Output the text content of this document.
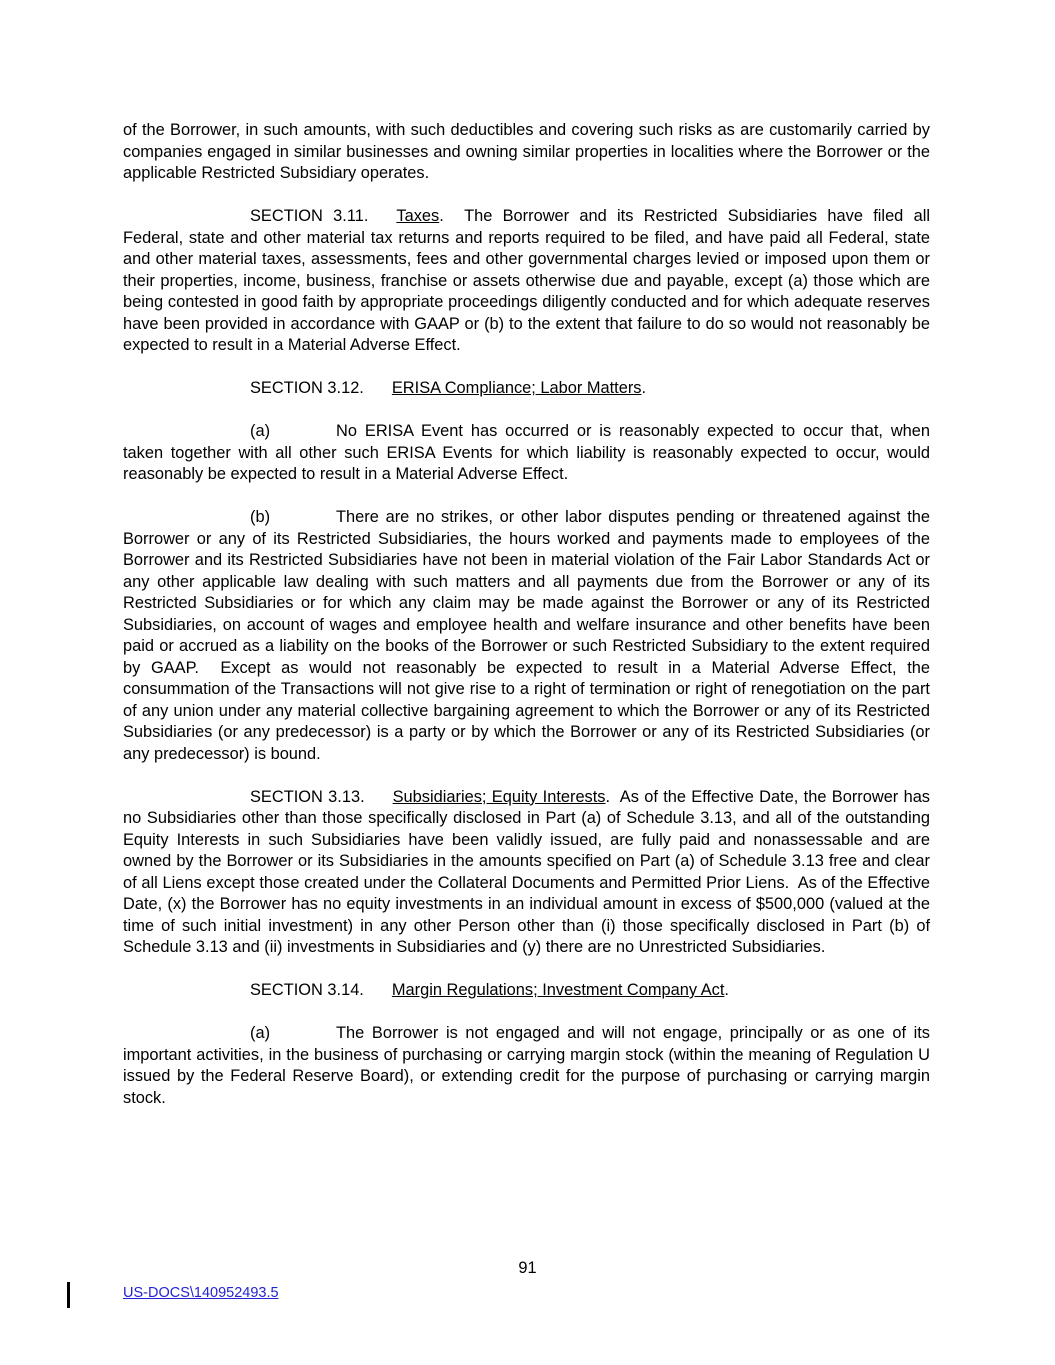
of the Borrower, in such amounts, with such deductibles and covering such risks as are customarily carried by companies engaged in similar businesses and owning similar properties in localities where the Borrower or the applicable Restricted Subsidiary operates.

SECTION 3.11. Taxes.  The Borrower and its Restricted Subsidiaries have filed all Federal, state and other material tax returns and reports required to be filed, and have paid all Federal, state and other material taxes, assessments, fees and other governmental charges levied or imposed upon them or their properties, income, business, franchise or assets otherwise due and payable, except (a) those which are being contested in good faith by appropriate proceedings diligently conducted and for which adequate reserves have been provided in accordance with GAAP or (b) to the extent that failure to do so would not reasonably be expected to result in a Material Adverse Effect.

SECTION 3.12. ERISA Compliance; Labor Matters.

(a)	No ERISA Event has occurred or is reasonably expected to occur that, when taken together with all other such ERISA Events for which liability is reasonably expected to occur, would reasonably be expected to result in a Material Adverse Effect.

(b)	There are no strikes, or other labor disputes pending or threatened against the Borrower or any of its Restricted Subsidiaries, the hours worked and payments made to employees of the Borrower and its Restricted Subsidiaries have not been in material violation of the Fair Labor Standards Act or any other applicable law dealing with such matters and all payments due from the Borrower or any of its Restricted Subsidiaries or for which any claim may be made against the Borrower or any of its Restricted Subsidiaries, on account of wages and employee health and welfare insurance and other benefits have been paid or accrued as a liability on the books of the Borrower or such Restricted Subsidiary to the extent required by GAAP.  Except as would not reasonably be expected to result in a Material Adverse Effect, the consummation of the Transactions will not give rise to a right of termination or right of renegotiation on the part of any union under any material collective bargaining agreement to which the Borrower or any of its Restricted Subsidiaries (or any predecessor) is a party or by which the Borrower or any of its Restricted Subsidiaries (or any predecessor) is bound.

SECTION 3.13. Subsidiaries; Equity Interests.  As of the Effective Date, the Borrower has no Subsidiaries other than those specifically disclosed in Part (a) of Schedule 3.13, and all of the outstanding Equity Interests in such Subsidiaries have been validly issued, are fully paid and nonassessable and are owned by the Borrower or its Subsidiaries in the amounts specified on Part (a) of Schedule 3.13 free and clear of all Liens except those created under the Collateral Documents and Permitted Prior Liens.  As of the Effective Date, (x) the Borrower has no equity investments in an individual amount in excess of $500,000 (valued at the time of such initial investment) in any other Person other than (i) those specifically disclosed in Part (b) of Schedule 3.13 and (ii) investments in Subsidiaries and (y) there are no Unrestricted Subsidiaries.

SECTION 3.14. Margin Regulations; Investment Company Act.

(a)	The Borrower is not engaged and will not engage, principally or as one of its important activities, in the business of purchasing or carrying margin stock (within the meaning of Regulation U issued by the Federal Reserve Board), or extending credit for the purpose of purchasing or carrying margin stock.

91
US-DOCS\140952493.5
